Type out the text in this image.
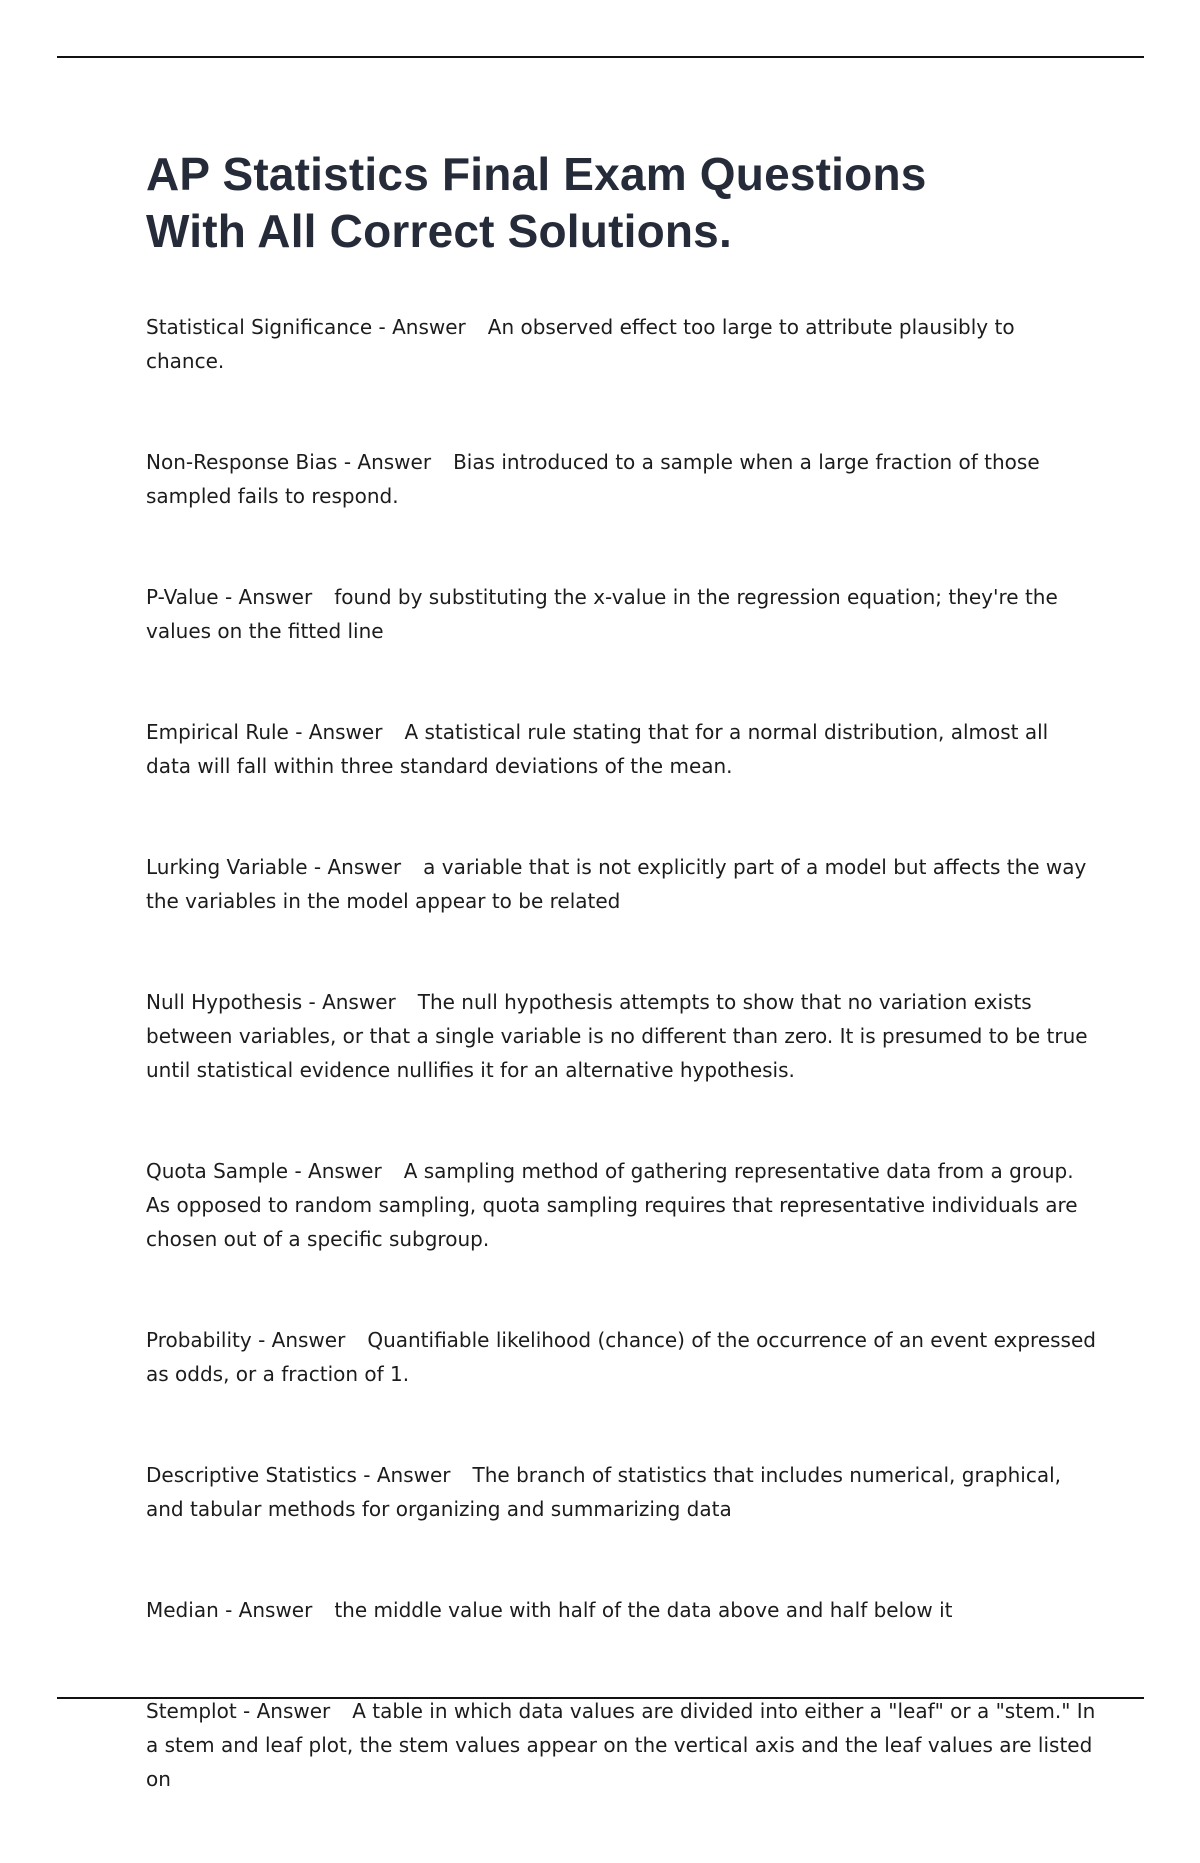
AP Statistics Final Exam Questions
With All Correct Solutions.

Statistical Significance - Answer An observed effect too large to attribute plausibly to chance.

Non-Response Bias - Answer Bias introduced to a sample when a large fraction of those sampled fails to respond.

P-Value - Answer found by substituting the x-value in the regression equation; they're the values on the fitted line

Empirical Rule - Answer A statistical rule stating that for a normal distribution, almost all data will fall within three standard deviations of the mean.

Lurking Variable - Answer a variable that is not explicitly part of a model but affects the way the variables in the model appear to be related

Null Hypothesis - Answer The null hypothesis attempts to show that no variation exists between variables, or that a single variable is no different than zero. It is presumed to be true until statistical evidence nullifies it for an alternative hypothesis.

Quota Sample - Answer A sampling method of gathering representative data from a group. As opposed to random sampling, quota sampling requires that representative individuals are chosen out of a specific subgroup.

Probability - Answer Quantifiable likelihood (chance) of the occurrence of an event expressed as odds, or a fraction of 1.

Descriptive Statistics - Answer The branch of statistics that includes numerical, graphical, and tabular methods for organizing and summarizing data

Median - Answer the middle value with half of the data above and half below it

Stemplot - Answer A table in which data values are divided into either a "leaf" or a "stem." In a stem and leaf plot, the stem values appear on the vertical axis and the leaf values are listed on
